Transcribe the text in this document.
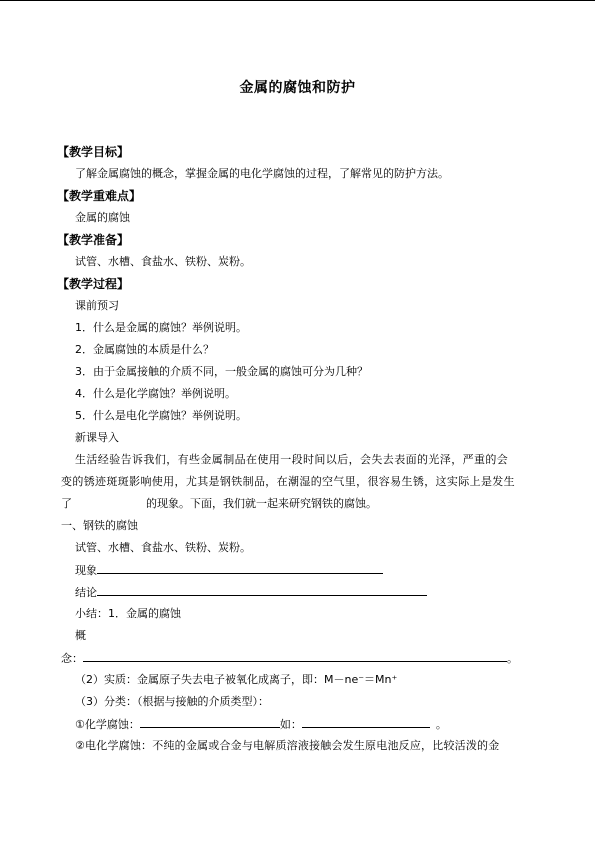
金属的腐蚀和防护
【教学目标】
了解金属腐蚀的概念，掌握金属的电化学腐蚀的过程，了解常见的防护方法。
【教学重难点】
金属的腐蚀
【教学准备】
试管、水槽、食盐水、铁粉、炭粉。
【教学过程】
课前预习
1．什么是金属的腐蚀？举例说明。
2．金属腐蚀的本质是什么？
3．由于金属接触的介质不同，一般金属的腐蚀可分为几种？
4．什么是化学腐蚀？举例说明。
5．什么是电化学腐蚀？举例说明。
新课导入
生活经验告诉我们，有些金属制品在使用一段时间以后，会失去表面的光泽，严重的会
变的锈迹斑斑影响使用，尤其是钢铁制品，在潮湿的空气里，很容易生锈，这实际上是发生
了	的现象。下面，我们就一起来研究钢铁的腐蚀。
一、钢铁的腐蚀
试管、水槽、食盐水、铁粉、炭粉。
现象
结论
小结：1．金属的腐蚀
概
念：	。
（2）实质：金属原子失去电子被氧化成离子，即：M－ne⁻＝Mn⁺
（3）分类：（根据与接触的介质类型）：
①化学腐蚀：	如：	。
②电化学腐蚀：不纯的金属或合金与电解质溶液接触会发生原电池反应，比较活泼的金
